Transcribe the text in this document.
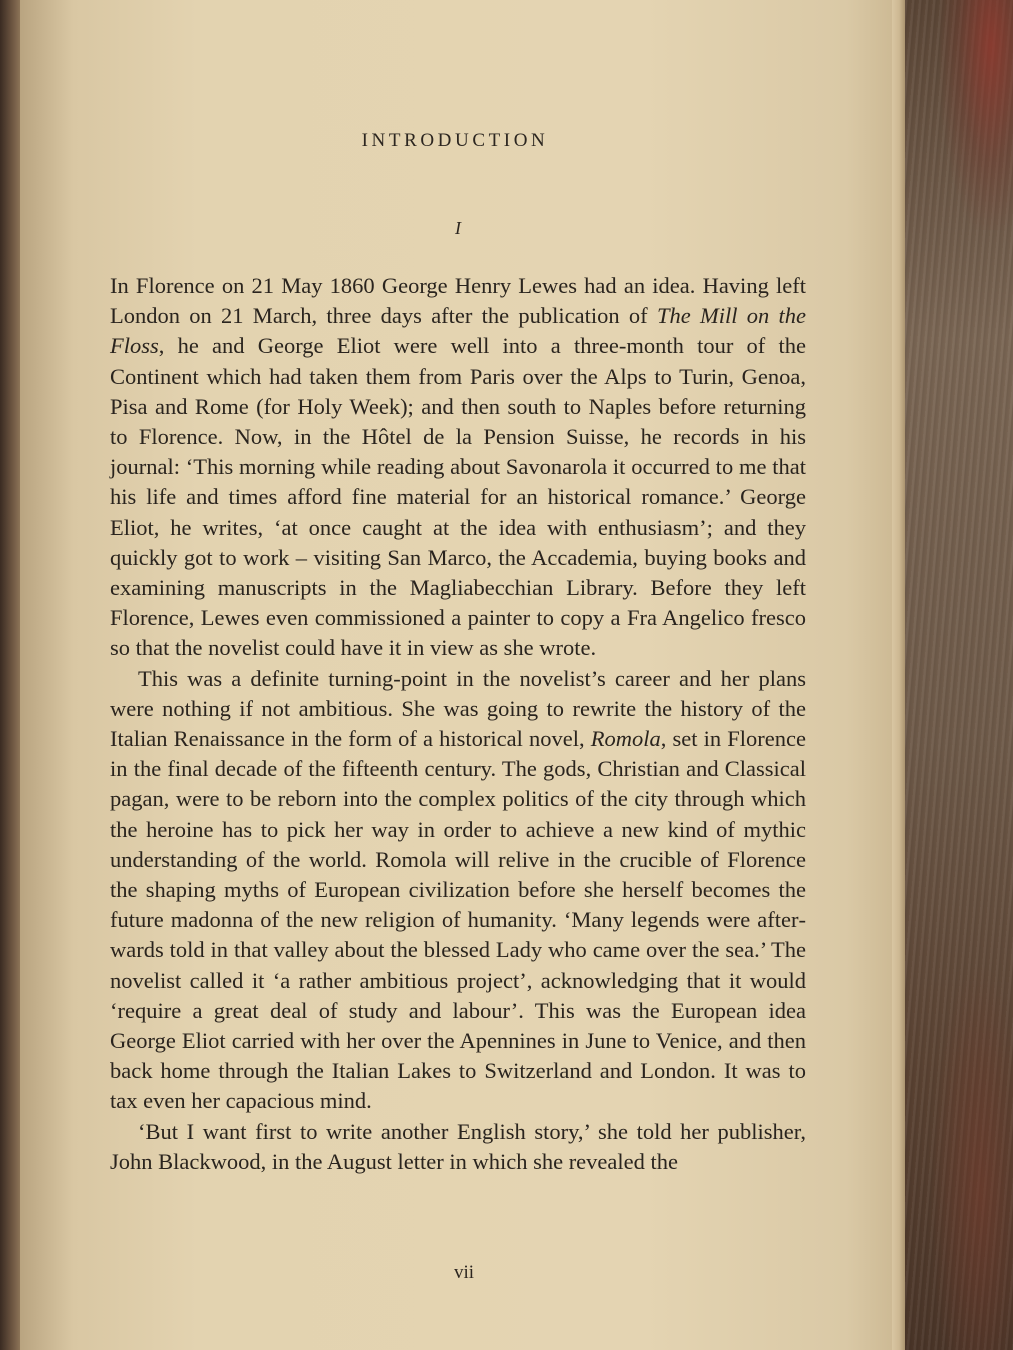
INTRODUCTION
I

In Florence on 21 May 1860 George Henry Lewes had an idea. Having left London on 21 March, three days after the publication of The Mill on the Floss, he and George Eliot were well into a three-month tour of the Continent which had taken them from Paris over the Alps to Turin, Genoa, Pisa and Rome (for Holy Week); and then south to Naples before returning to Florence. Now, in the Hôtel de la Pension Suisse, he records in his journal: ‘This morning while reading about Savonarola it occurred to me that his life and times afford fine material for an historical romance.’ George Eliot, he writes, ‘at once caught at the idea with enthusiasm’; and they quickly got to work – visiting San Marco, the Accademia, buying books and examining manuscripts in the Magliabecchian Library. Before they left Florence, Lewes even commissioned a painter to copy a Fra Angelico fresco so that the novelist could have it in view as she wrote.

This was a definite turning-point in the novelist’s career and her plans were nothing if not ambitious. She was going to rewrite the history of the Italian Renaissance in the form of a historical novel, Romola, set in Florence in the final decade of the fifteenth century. The gods, Christian and Classical pagan, were to be reborn into the complex politics of the city through which the heroine has to pick her way in order to achieve a new kind of mythic understanding of the world. Romola will relive in the crucible of Florence the shaping myths of European civilization before she herself becomes the future madonna of the new religion of humanity. ‘Many legends were afterwards told in that valley about the blessed Lady who came over the sea.’ The novelist called it ‘a rather ambitious project’, acknowledging that it would ‘require a great deal of study and labour’. This was the European idea George Eliot carried with her over the Apennines in June to Venice, and then back home through the Italian Lakes to Switzerland and London. It was to tax even her capacious mind.

‘But I want first to write another English story,’ she told her publisher, John Blackwood, in the August letter in which she revealed the

vii
